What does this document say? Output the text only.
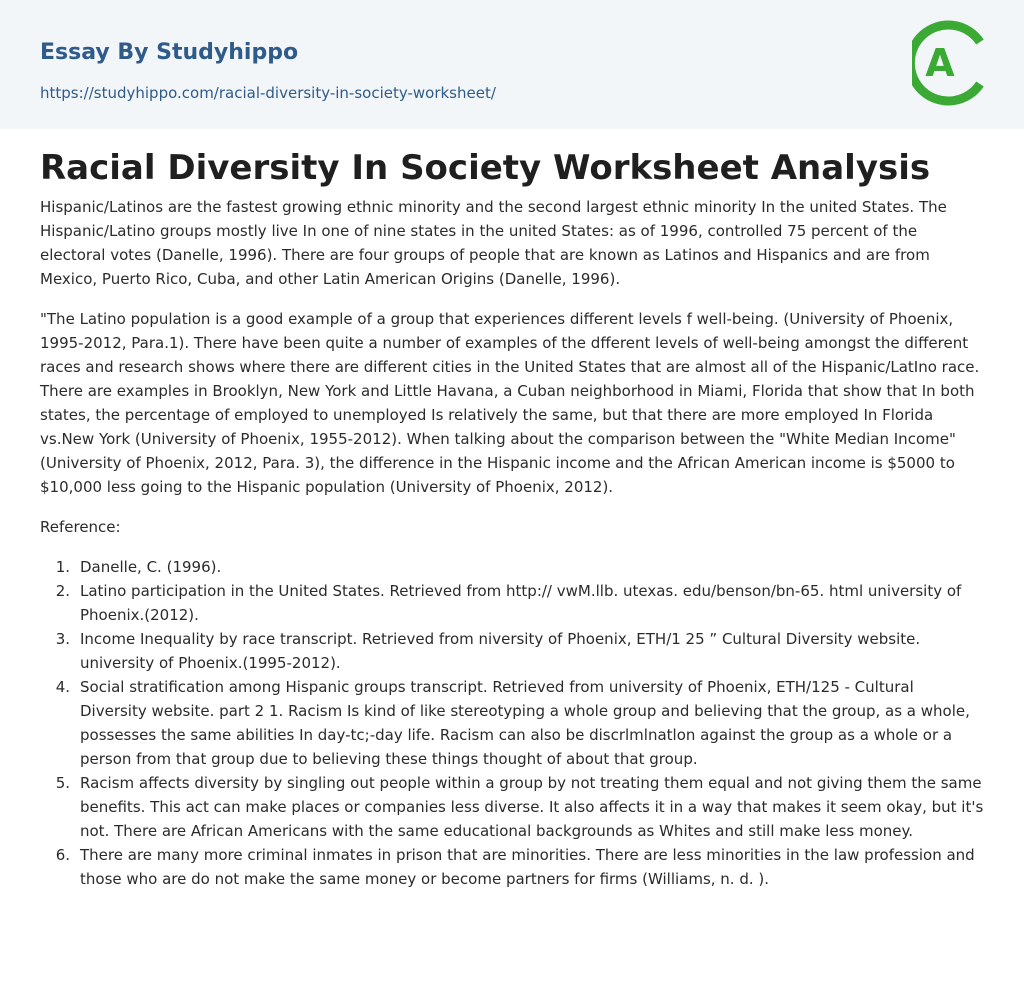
Essay By Studyhippo
https://studyhippo.com/racial-diversity-in-society-worksheet/
A
Racial Diversity In Society Worksheet Analysis

Hispanic/Latinos are the fastest growing ethnic minority and the second largest ethnic minority In the united States. The Hispanic/Latino groups mostly live In one of nine states in the united States: as of 1996, controlled 75 percent of the electoral votes (Danelle, 1996). There are four groups of people that are known as Latinos and Hispanics and are from Mexico, Puerto Rico, Cuba, and other Latin American Origins (Danelle, 1996).

"The Latino population is a good example of a group that experiences different levels f well-being. (University of Phoenix, 1995-2012, Para.1). There have been quite a number of examples of the dfferent levels of well-being amongst the different races and research shows where there are different cities in the United States that are almost all of the Hispanic/LatIno race. There are examples in Brooklyn, New York and Little Havana, a Cuban neighborhood in Miami, Florida that show that In both states, the percentage of employed to unemployed Is relatively the same, but that there are more employed In Florida vs.New York (University of Phoenix, 1955-2012). When talking about the comparison between the "White Median Income" (University of Phoenix, 2012, Para. 3), the difference in the Hispanic income and the African American income is $5000 to $10,000 less going to the Hispanic population (University of Phoenix, 2012).

Reference:

1. Danelle, C. (1996).
2. Latino participation in the United States. Retrieved from http:// vwM.llb. utexas. edu/benson/bn-65. html university of Phoenix.(2012).
3. Income Inequality by race transcript. Retrieved from niversity of Phoenix, ETH/1 25 ” Cultural Diversity website. university of Phoenix.(1995-2012).
4. Social stratification among Hispanic groups transcript. Retrieved from university of Phoenix, ETH/125 - Cultural Diversity website. part 2 1. Racism Is kind of like stereotyping a whole group and believing that the group, as a whole, possesses the same abilities In day-tc;-day life. Racism can also be discrlmlnatlon against the group as a whole or a person from that group due to believing these things thought of about that group.
5. Racism affects diversity by singling out people within a group by not treating them equal and not giving them the same benefits. This act can make places or companies less diverse. It also affects it in a way that makes it seem okay, but it's not. There are African Americans with the same educational backgrounds as Whites and still make less money.
6. There are many more criminal inmates in prison that are minorities. There are less minorities in the law profession and those who are do not make the same money or become partners for firms (Williams, n. d. ).
